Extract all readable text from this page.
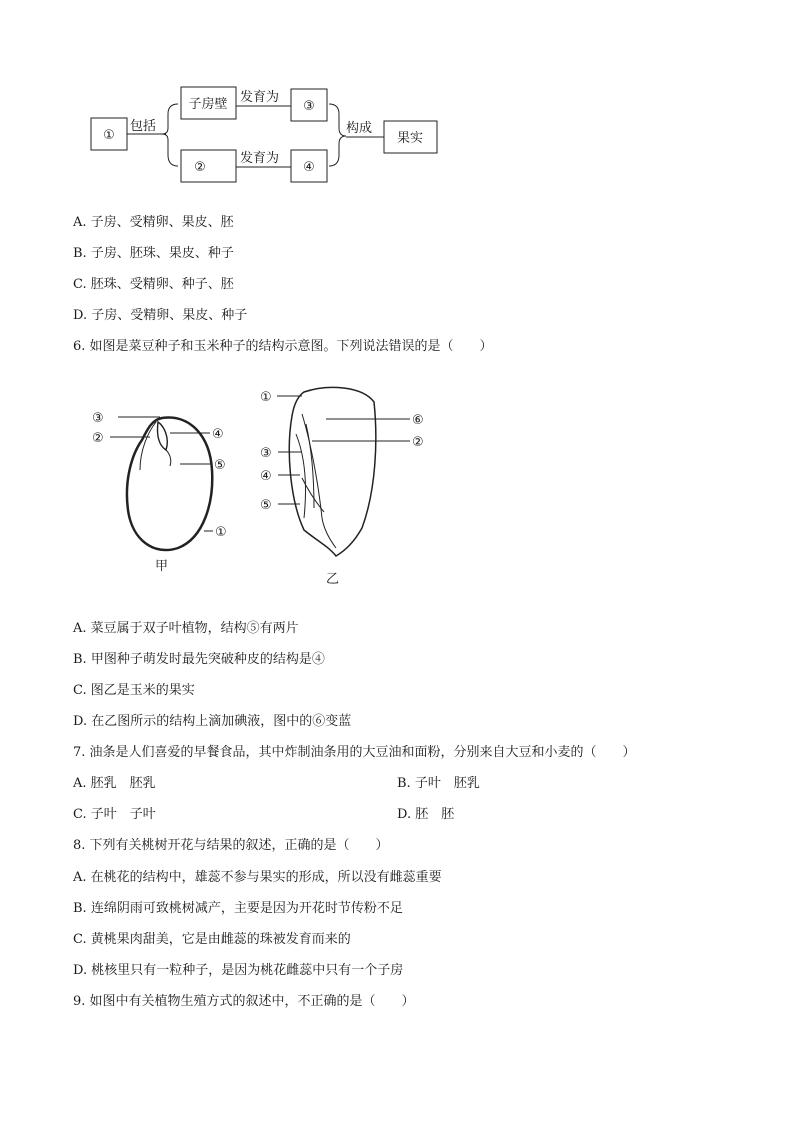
①
子房壁	③
②	④
果实
包括
发育为
发育为
构成
A. 子房、受精卵、果皮、胚
B. 子房、胚珠、果皮、种子
C. 胚珠、受精卵、种子、胚
D. 子房、受精卵、果皮、种子
6. 如图是菜豆种子和玉米种子的结构示意图。下列说法错误的是（　　）
③
②	④
⑤
①
甲
①
⑥
③
②
④
⑤
乙
A. 菜豆属于双子叶植物，结构⑤有两片
B. 甲图种子萌发时最先突破种皮的结构是④
C. 图乙是玉米的果实
D. 在乙图所示的结构上滴加碘液，图中的⑥变蓝
7. 油条是人们喜爱的早餐食品，其中炸制油条用的大豆油和面粉，分别来自大豆和小麦的（　　）
A. 胚乳　胚乳	B. 子叶　胚乳
C. 子叶　子叶	D. 胚　胚
8. 下列有关桃树开花与结果的叙述，正确的是（　　）
A. 在桃花的结构中，雄蕊不参与果实的形成，所以没有雌蕊重要
B. 连绵阴雨可致桃树减产，主要是因为开花时节传粉不足
C. 黄桃果肉甜美，它是由雌蕊的珠被发育而来的
D. 桃核里只有一粒种子，是因为桃花雌蕊中只有一个子房
9. 如图中有关植物生殖方式的叙述中，不正确的是（　　）
